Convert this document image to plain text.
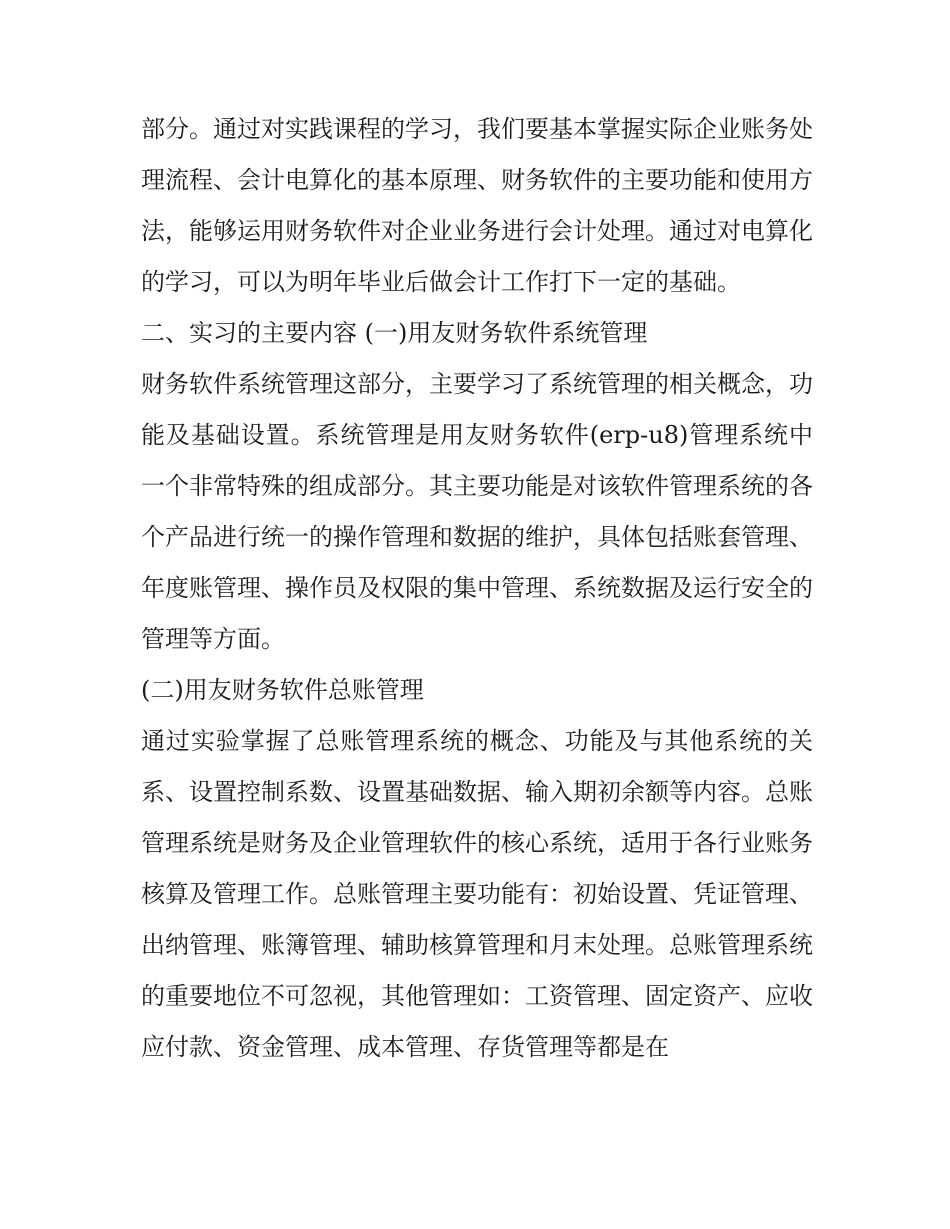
部分。通过对实践课程的学习，我们要基本掌握实际企业账务处理流程、会计电算化的基本原理、财务软件的主要功能和使用方法，能够运用财务软件对企业业务进行会计处理。通过对电算化的学习，可以为明年毕业后做会计工作打下一定的基础。

二、实习的主要内容 (一)用友财务软件系统管理

财务软件系统管理这部分，主要学习了系统管理的相关概念，功能及基础设置。系统管理是用友财务软件(erp-u8)管理系统中一个非常特殊的组成部分。其主要功能是对该软件管理系统的各个产品进行统一的操作管理和数据的维护，具体包括账套管理、年度账管理、操作员及权限的集中管理、系统数据及运行安全的管理等方面。

(二)用友财务软件总账管理

通过实验掌握了总账管理系统的概念、功能及与其他系统的关系、设置控制系数、设置基础数据、输入期初余额等内容。总账管理系统是财务及企业管理软件的核心系统，适用于各行业账务核算及管理工作。总账管理主要功能有：初始设置、凭证管理、出纳管理、账簿管理、辅助核算管理和月末处理。总账管理系统的重要地位不可忽视，其他管理如：工资管理、固定资产、应收应付款、资金管理、成本管理、存货管理等都是在
